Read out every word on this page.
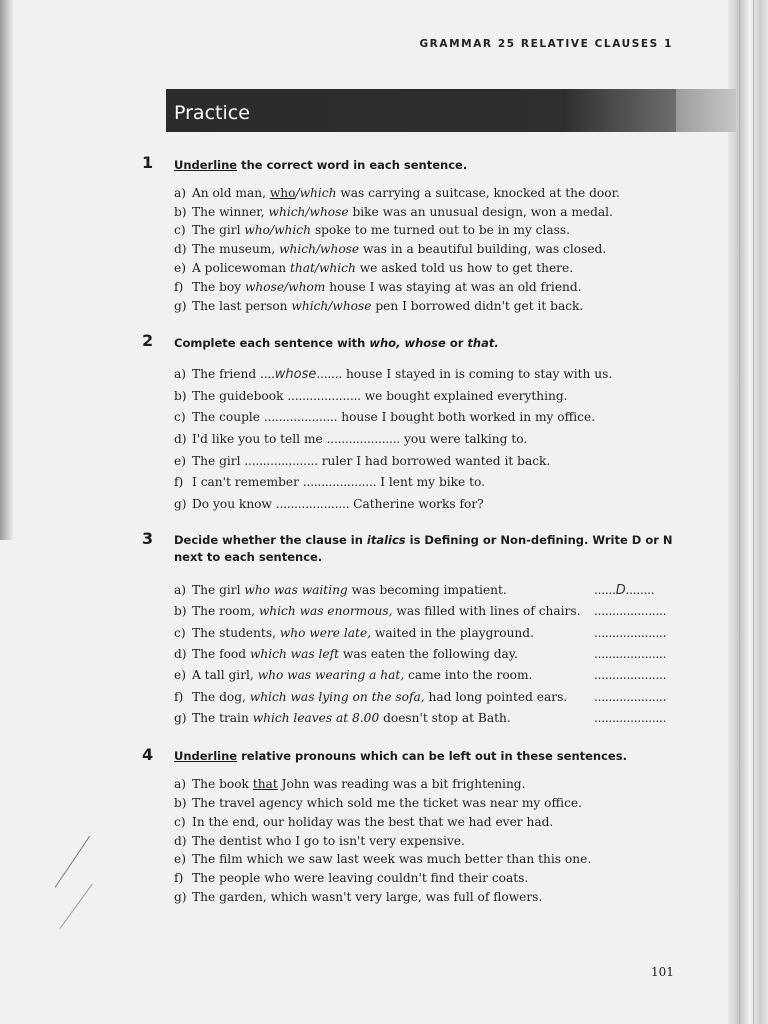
GRAMMAR 25 RELATIVE CLAUSES 1
Practice
1 Underline the correct word in each sentence.
a) An old man, who/which was carrying a suitcase, knocked at the door.
b) The winner, which/whose bike was an unusual design, won a medal.
c) The girl who/which spoke to me turned out to be in my class.
d) The museum, which/whose was in a beautiful building, was closed.
e) A policewoman that/which we asked told us how to get there.
f) The boy whose/whom house I was staying at was an old friend.
g) The last person which/whose pen I borrowed didn't get it back.
2 Complete each sentence with who, whose or that.
a) The friend ....whose....... house I stayed in is coming to stay with us.
b) The guidebook .................... we bought explained everything.
c) The couple .................... house I bought both worked in my office.
d) I'd like you to tell me .................... you were talking to.
e) The girl .................... ruler I had borrowed wanted it back.
f) I can't remember .................... I lent my bike to.
g) Do you know .................... Catherine works for?
3 Decide whether the clause in italics is Defining or Non-defining. Write D or N
next to each sentence.
a) The girl who was waiting was becoming impatient.	......D........
b) The room, which was enormous, was filled with lines of chairs. ....................
c) The students, who were late, waited in the playground.	....................
d) The food which was left was eaten the following day.	....................
e) A tall girl, who was wearing a hat, came into the room.	....................
f) The dog, which was lying on the sofa, had long pointed ears. ....................
g) The train which leaves at 8.00 doesn't stop at Bath.	....................
4 Underline relative pronouns which can be left out in these sentences.
a) The book that John was reading was a bit frightening.
b) The travel agency which sold me the ticket was near my office.
c) In the end, our holiday was the best that we had ever had.
d) The dentist who I go to isn't very expensive.
e) The film which we saw last week was much better than this one.
f) The people who were leaving couldn't find their coats.
g) The garden, which wasn't very large, was full of flowers.
101
